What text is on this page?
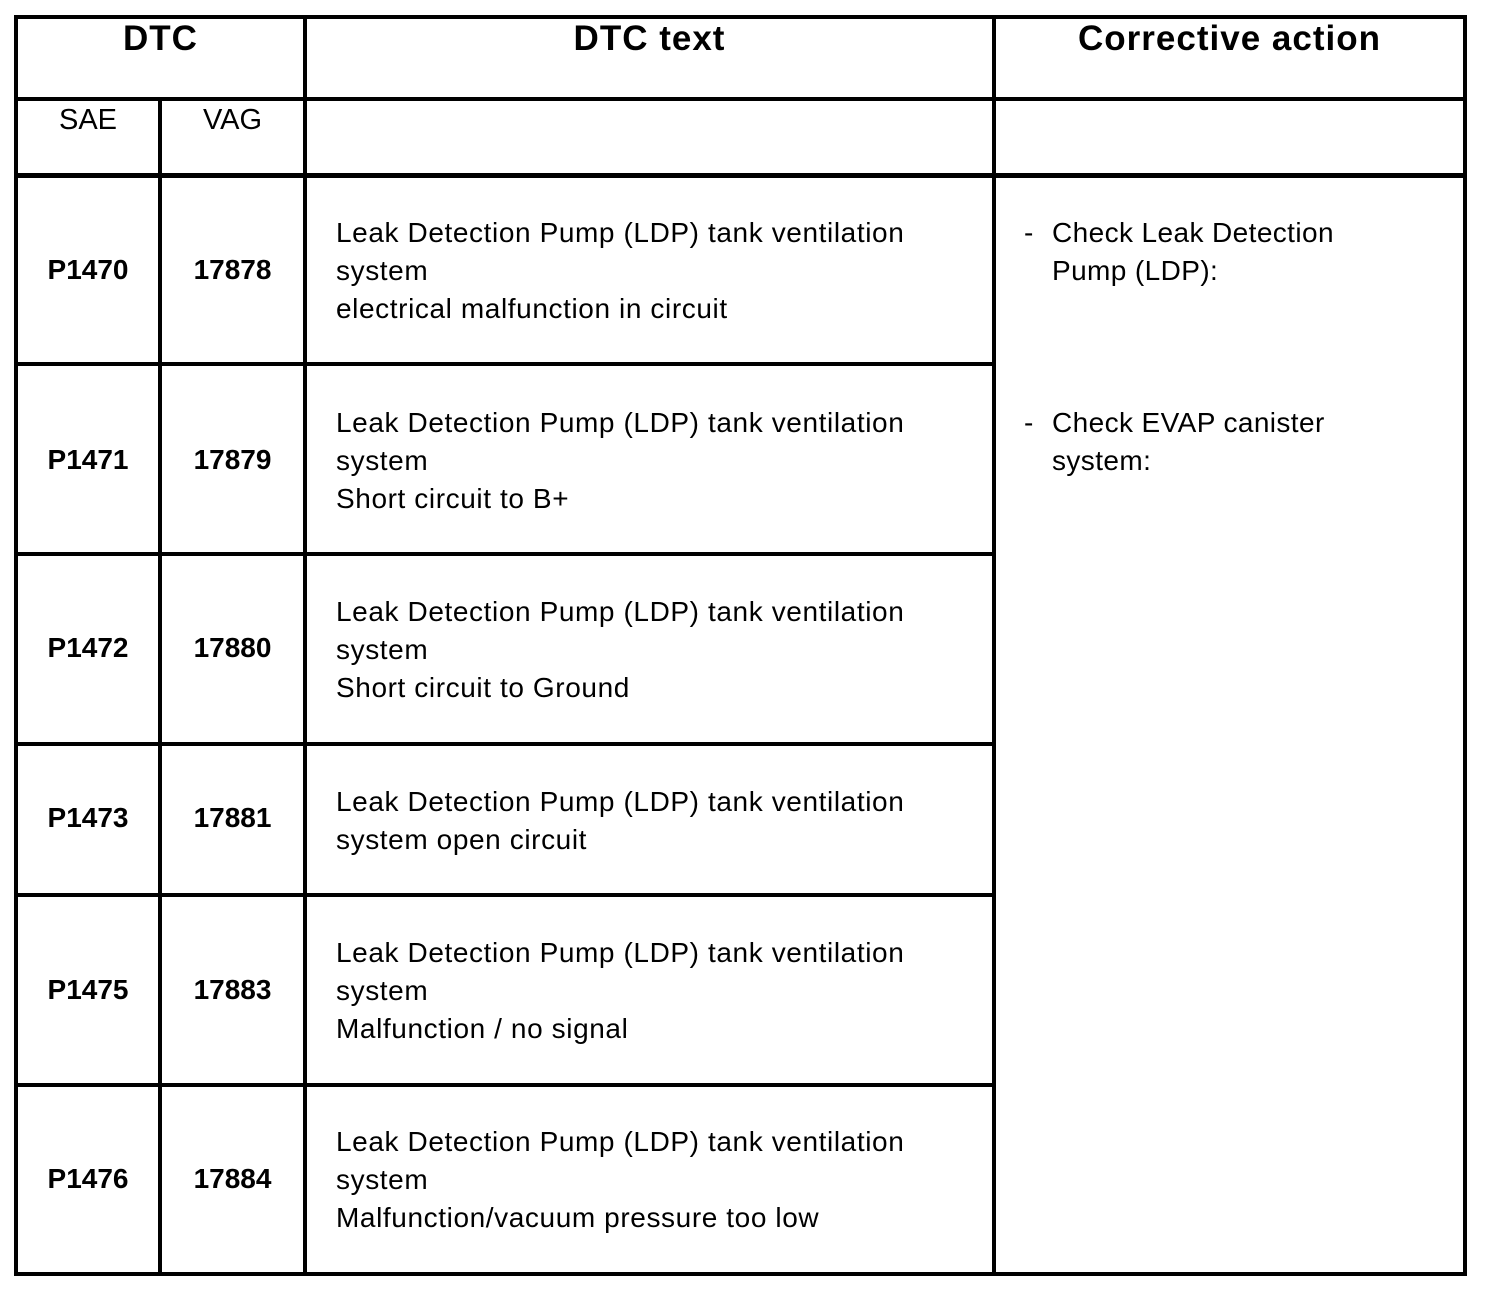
DTC	DTC text	Corrective action
SAE	VAG
P1470	17878
Leak Detection Pump (LDP) tank ventilation
system
electrical malfunction in circuit
P1471	17879
Leak Detection Pump (LDP) tank ventilation
system
Short circuit to B+
P1472	17880
Leak Detection Pump (LDP) tank ventilation
system
Short circuit to Ground
P1473	17881
Leak Detection Pump (LDP) tank ventilation
system open circuit
P1475	17883
Leak Detection Pump (LDP) tank ventilation
system
Malfunction / no signal
P1476	17884
Leak Detection Pump (LDP) tank ventilation
system
Malfunction/vacuum pressure too low
- Check Leak Detection
Pump (LDP):
- Check EVAP canister
system:
